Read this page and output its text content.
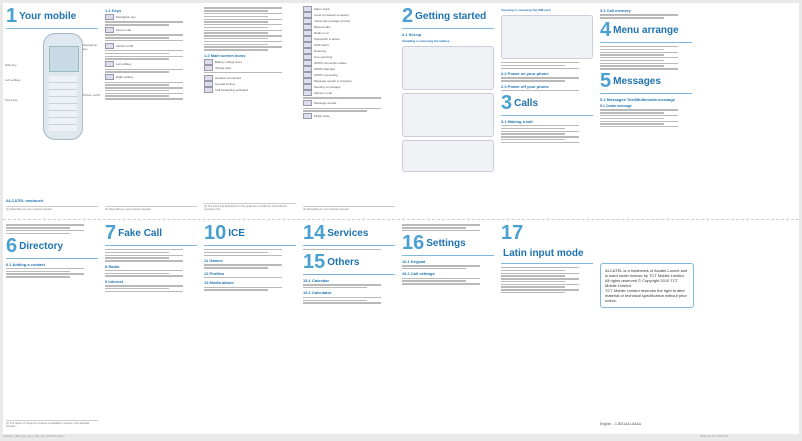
1 Your mobile
Side key
Left softkey
Send key
Navigation key
Power on/off
ALCATEL onetouch
(1) Depending on your network operator.
1.1 Keys
Navigation key
Send a call
Switch on/off
Left softkey
Right softkey
(1) Depending on your network operator.
1.2 Main screen icons
Battery charge level
Vibrate alert
Headset connected
Keypad locked
Call forwarding activated
(1) The icons and illustrations in this guide are provided for informational purposes only.
Alarm clock
Level of network reception
Voicemail message arrived
Missed calls
Radio is on
Stopwatch is active
WAP alerts
Roaming
Line selecting
GPRS connection status
GPRS attached
GPRS connecting
Message receipt in progress
Sending a message
Silence mode
Message unread
Flight mode
(1) Depending on your network operator.
2 Getting started
2.1 Set-up
Installing or removing the battery
Inserting or removing the SIM card
2.2 Power on your phone
2.3 Power off your phone
3 Calls
3.1 Making a call
3.2 Call memory
4 Menu arrange
5 Messages
5.1 Messages Text/Multimedia message
5.1 Create message
6 Directory
6.1 Adding a contact
(1) The option of Group for contacts is available in Various, Sort and Edit Number.
7 Fake Call
8 Radio
9 Internet
10 ICE
11 Games
12 Profiles
13 Media album
14 Services
15 Others
15.1 Calendar
15.2 Calculator
16 Settings
16.1 Keypad
16.2 Call settings
17Latin input mode
ALCATEL is a trademark of Alcatel-Lucent and is used under license by TCT Mobile Limited.
All rights reserved © Copyright 2010 TCT Mobile Limited.
TCT Mobile Limited reserves the right to alter material or technical specification without prior notice.
English - CJB31AALAAAA
IP4641_20D_QG_Eng_GB_04_101016.indd 1	2010-10-16 16:03:49
